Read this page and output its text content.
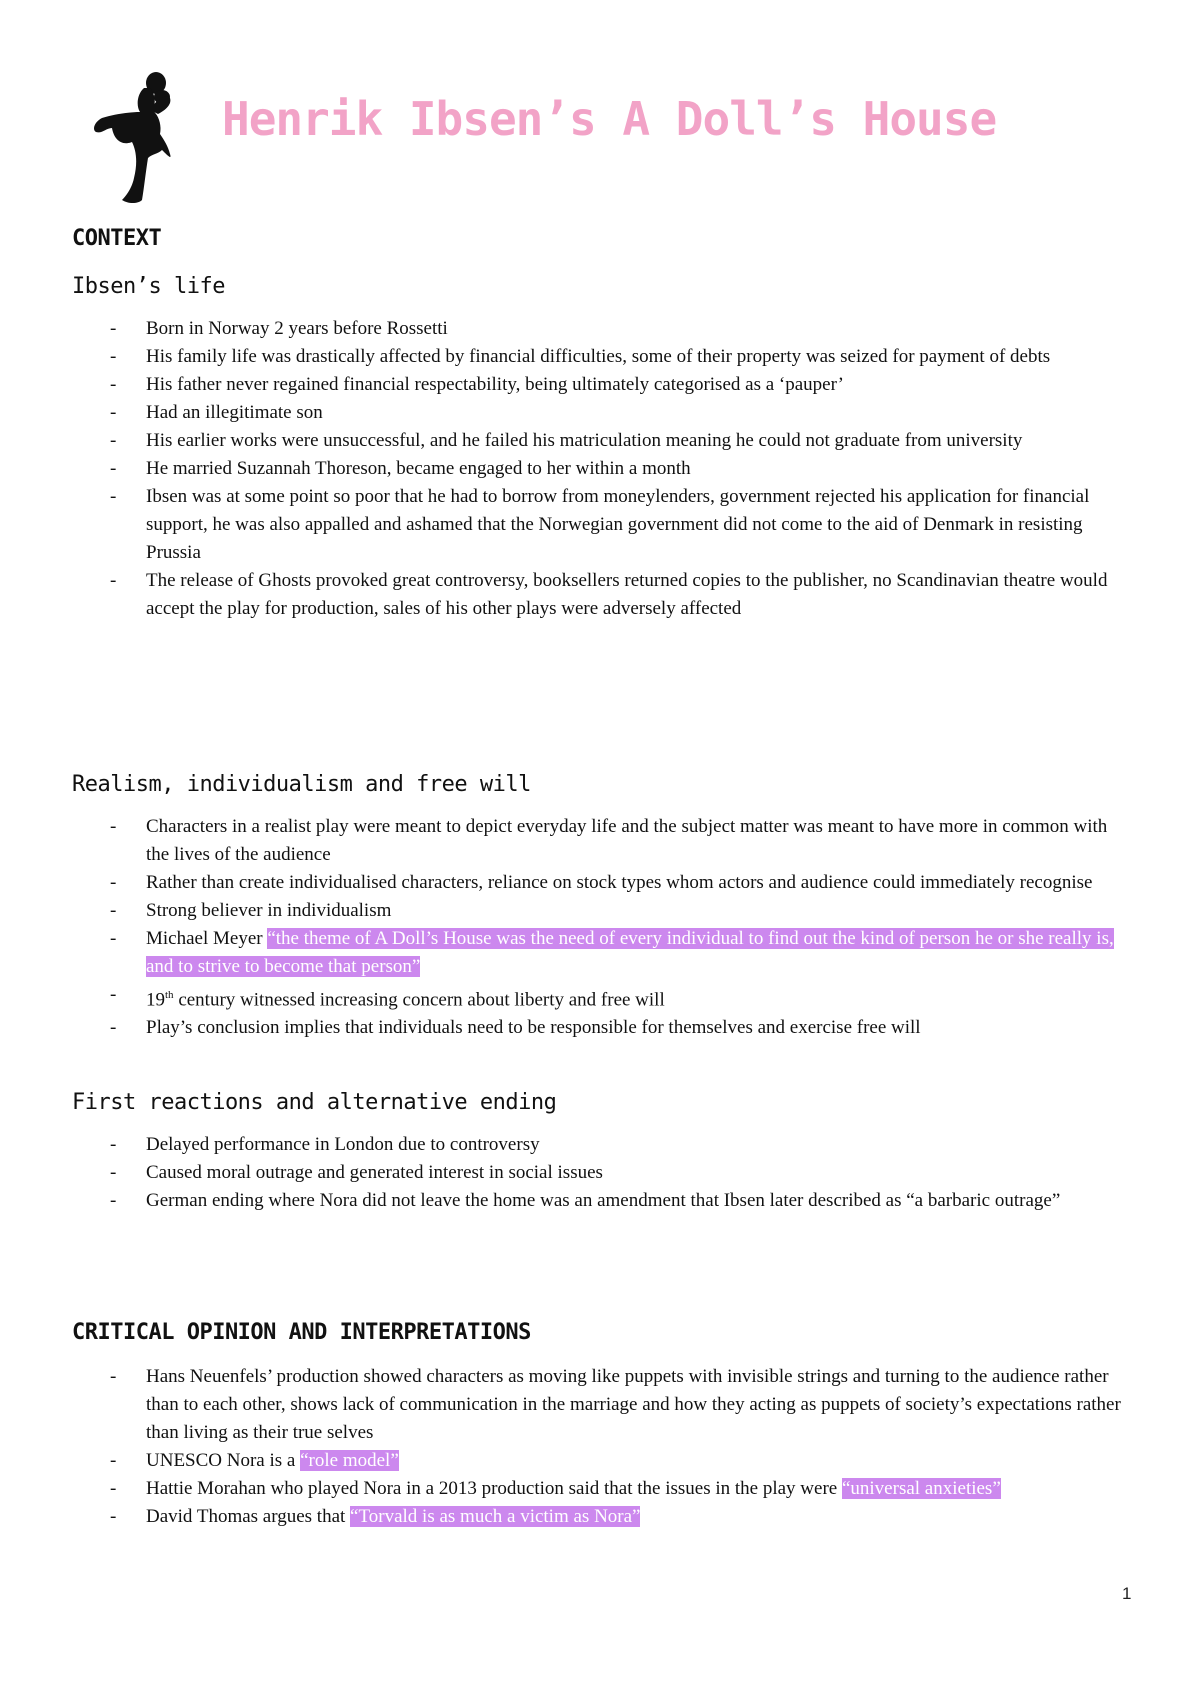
Henrik Ibsen’s A Doll’s House
CONTEXT
Ibsen’s life
- Born in Norway 2 years before Rossetti
- His family life was drastically affected by financial difficulties, some of their property was seized for payment of debts
- His father never regained financial respectability, being ultimately categorised as a ‘pauper’
- Had an illegitimate son
- His earlier works were unsuccessful, and he failed his matriculation meaning he could not graduate from university
- He married Suzannah Thoreson, became engaged to her within a month
- Ibsen was at some point so poor that he had to borrow from moneylenders, government rejected his application for financial support, he was also appalled and ashamed that the Norwegian government did not come to the aid of Denmark in resisting Prussia
- The release of Ghosts provoked great controversy, booksellers returned copies to the publisher, no Scandinavian theatre would accept the play for production, sales of his other plays were adversely affected
Realism, individualism and free will
- Characters in a realist play were meant to depict everyday life and the subject matter was meant to have more in common with the lives of the audience
- Rather than create individualised characters, reliance on stock types whom actors and audience could immediately recognise
- Strong believer in individualism
- Michael Meyer “the theme of A Doll’s House was the need of every individual to find out the kind of person he or she really is, and to strive to become that person”
- 19th century witnessed increasing concern about liberty and free will
- Play’s conclusion implies that individuals need to be responsible for themselves and exercise free will
First reactions and alternative ending
- Delayed performance in London due to controversy
- Caused moral outrage and generated interest in social issues
- German ending where Nora did not leave the home was an amendment that Ibsen later described as “a barbaric outrage”
CRITICAL OPINION AND INTERPRETATIONS
- Hans Neuenfels’ production showed characters as moving like puppets with invisible strings and turning to the audience rather than to each other, shows lack of communication in the marriage and how they acting as puppets of society’s expectations rather than living as their true selves
- UNESCO Nora is a “role model”
- Hattie Morahan who played Nora in a 2013 production said that the issues in the play were “universal anxieties”
- David Thomas argues that “Torvald is as much a victim as Nora”
1
